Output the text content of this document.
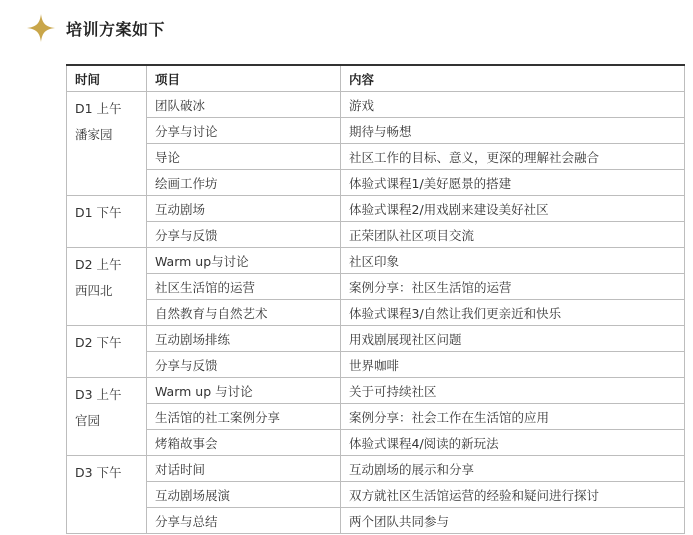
培训方案如下
时间	项目	内容

D1 上午
潘家园	团队破冰	游戏
	分享与讨论	期待与畅想
	导论	社区工作的目标、意义，更深的理解社会融合
	绘画工作坊	体验式课程1/美好愿景的搭建

D1 下午	互动剧场	体验式课程2/用戏剧来建设美好社区
	分享与反馈	正荣团队社区项目交流

D2 上午
西四北	Warm up与讨论	社区印象
	社区生活馆的运营	案例分享：社区生活馆的运营
	自然教育与自然艺术	体验式课程3/自然让我们更亲近和快乐

D2 下午	互动剧场排练	用戏剧展现社区问题
	分享与反馈	世界咖啡

D3 上午
官园	Warm up 与讨论	关于可持续社区
	生活馆的社工案例分享	案例分享：社会工作在生活馆的应用
	烤箱故事会	体验式课程4/阅读的新玩法

D3 下午	对话时间	互动剧场的展示和分享
	互动剧场展演	双方就社区生活馆运营的经验和疑问进行探讨
	分享与总结	两个团队共同参与
